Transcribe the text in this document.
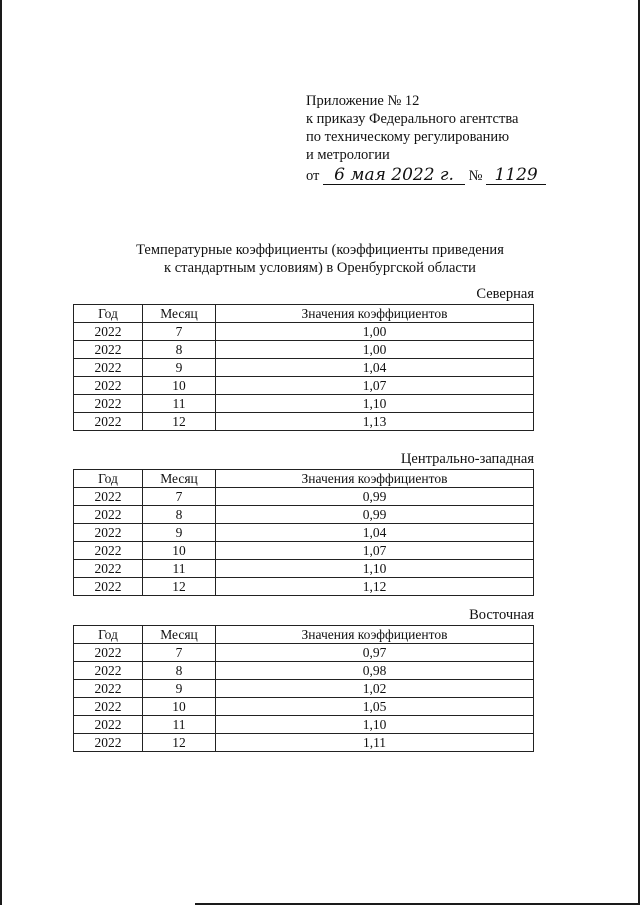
Приложение № 12
к приказу Федерального агентства
по техническому регулированию
и метрологии
от 6 мая 2022 г. № 1129
Температурные коэффициенты (коэффициенты приведения
к стандартным условиям) в Оренбургской области
Северная
Год	Месяц	Значения коэффициентов
2022	7	1,00
2022	8	1,00
2022	9	1,04
2022	10	1,07
2022	11	1,10
2022	12	1,13
Центрально-западная
Год	Месяц	Значения коэффициентов
2022	7	0,99
2022	8	0,99
2022	9	1,04
2022	10	1,07
2022	11	1,10
2022	12	1,12
Восточная
Год	Месяц	Значения коэффициентов
2022	7	0,97
2022	8	0,98
2022	9	1,02
2022	10	1,05
2022	11	1,10
2022	12	1,11
